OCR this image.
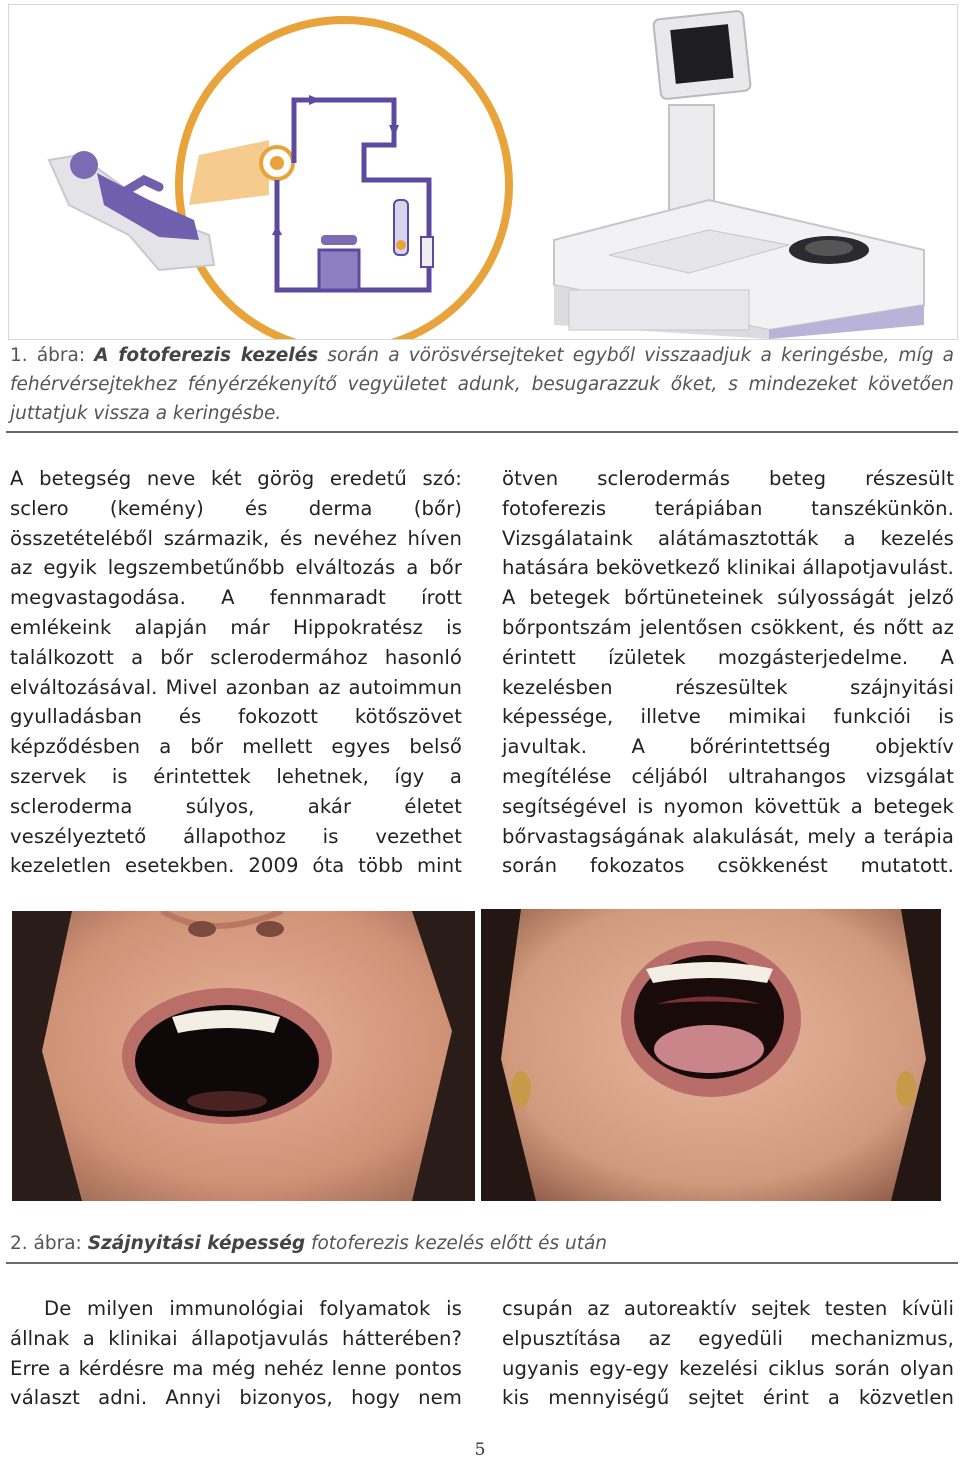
1. ábra: A fotoferezis kezelés során a vörösvérsejteket egyből visszaadjuk a keringésbe, míg a fehérvérsejtekhez fényérzékenyítő vegyületet adunk, besugarazzuk őket, s mindezeket követően juttatjuk vissza a keringésbe.
A betegség neve két görög eredetű szó: sclero (kemény) és derma (bőr) összetételéből származik, és nevéhez híven az egyik legszembetűnőbb elváltozás a bőr megvastagodása. A fennmaradt írott emlékeink alapján már Hippokratész is találkozott a bőr sclerodermához hasonló elváltozásával. Mivel azonban az autoimmun gyulladásban és fokozott kötőszövet képződésben a bőr mellett egyes belső szervek is érintettek lehetnek, így a scleroderma súlyos, akár életet veszélyeztető állapothoz is vezethet kezeletlen esetekben. 2009 óta több mint
ötven sclerodermás beteg részesült fotoferezis terápiában tanszékünkön. Vizsgálataink alátámasztották a kezelés hatására bekövetkező klinikai állapotjavulást. A betegek bőrtüneteinek súlyosságát jelző bőrpontszám jelentősen csökkent, és nőtt az érintett ízületek mozgásterjedelme. A kezelésben részesültek szájnyitási képessége, illetve mimikai funkciói is javultak. A bőrérintettség objektív megítélése céljából ultrahangos vizsgálat segítségével is nyomon követtük a betegek bőrvastagságának alakulását, mely a terápia során fokozatos csökkenést mutatott.
2. ábra: Szájnyitási képesség fotoferezis kezelés előtt és után
De milyen immunológiai folyamatok is állnak a klinikai állapotjavulás hátterében? Erre a kérdésre ma még nehéz lenne pontos választ adni. Annyi bizonyos, hogy nem
csupán az autoreaktív sejtek testen kívüli elpusztítása az egyedüli mechanizmus, ugyanis egy-egy kezelési ciklus során olyan kis mennyiségű sejtet érint a közvetlen
5
